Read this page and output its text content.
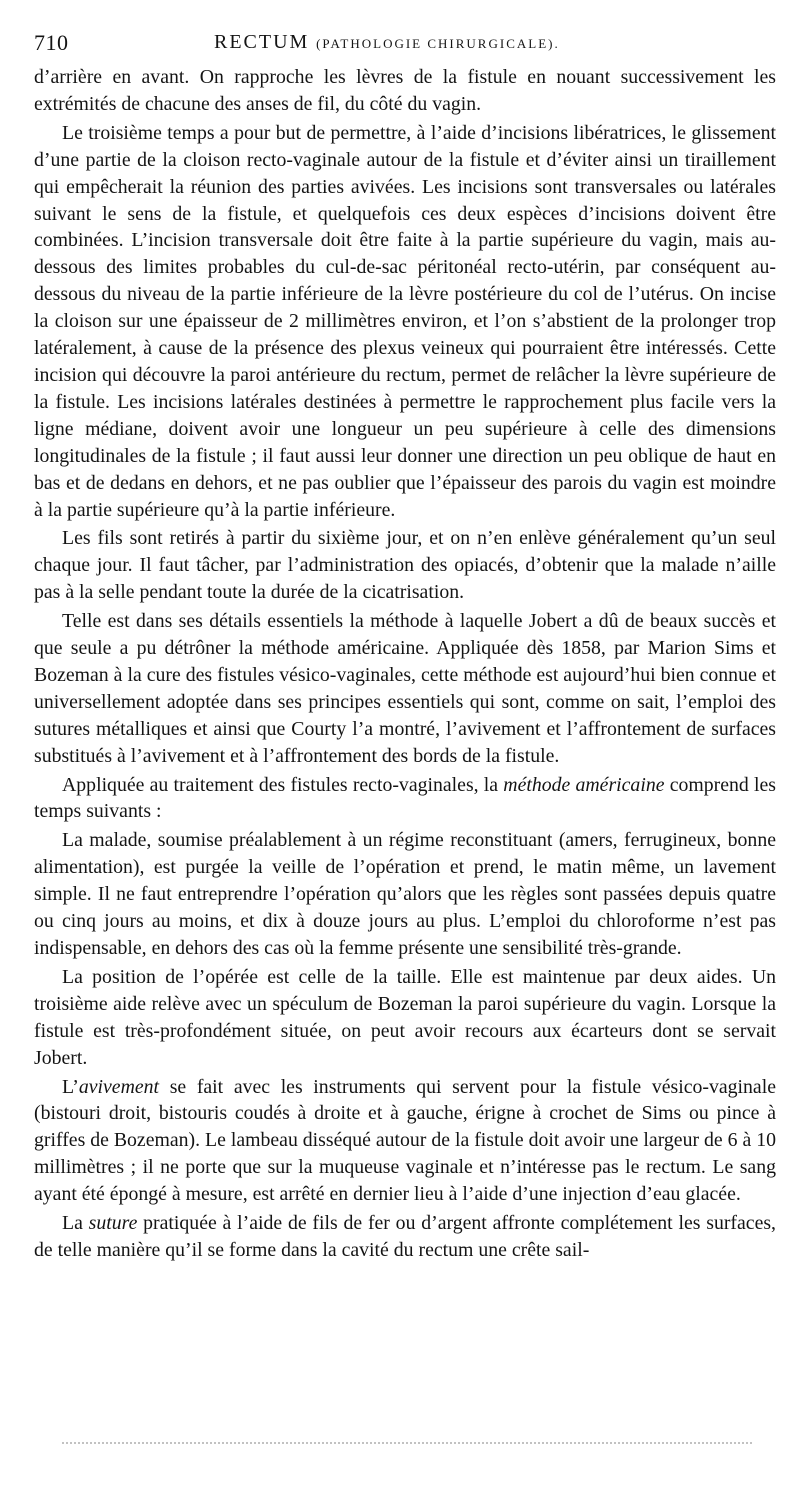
710	RECTUM (PATHOLOGIE CHIRURGICALE).

d’arrière en avant. On rapproche les lèvres de la fistule en nouant successivement les extrémités de chacune des anses de fil, du côté du vagin.

Le troisième temps a pour but de permettre, à l’aide d’incisions libératrices, le glissement d’une partie de la cloison recto-vaginale autour de la fistule et d’éviter ainsi un tiraillement qui empêcherait la réunion des parties avivées. Les incisions sont transversales ou latérales suivant le sens de la fistule, et quelquefois ces deux espèces d’incisions doivent être combinées. L’incision transversale doit être faite à la partie supérieure du vagin, mais au-dessous des limites probables du cul-de-sac péritonéal recto-utérin, par conséquent au-dessous du niveau de la partie inférieure de la lèvre postérieure du col de l’utérus. On incise la cloison sur une épaisseur de 2 millimètres environ, et l’on s’abstient de la prolonger trop latéralement, à cause de la présence des plexus veineux qui pourraient être intéressés. Cette incision qui découvre la paroi antérieure du rectum, permet de relâcher la lèvre supérieure de la fistule. Les incisions latérales destinées à permettre le rapprochement plus facile vers la ligne médiane, doivent avoir une longueur un peu supérieure à celle des dimensions longitudinales de la fistule ; il faut aussi leur donner une direction un peu oblique de haut en bas et de dedans en dehors, et ne pas oublier que l’épaisseur des parois du vagin est moindre à la partie supérieure qu’à la partie inférieure.

Les fils sont retirés à partir du sixième jour, et on n’en enlève généralement qu’un seul chaque jour. Il faut tâcher, par l’administration des opiacés, d’obtenir que la malade n’aille pas à la selle pendant toute la durée de la cicatrisation.

Telle est dans ses détails essentiels la méthode à laquelle Jobert a dû de beaux succès et que seule a pu détrôner la méthode américaine. Appliquée dès 1858, par Marion Sims et Bozeman à la cure des fistules vésico-vaginales, cette méthode est aujourd’hui bien connue et universellement adoptée dans ses principes essentiels qui sont, comme on sait, l’emploi des sutures métalliques et ainsi que Courty l’a montré, l’avivement et l’affrontement de surfaces substitués à l’avivement et à l’affrontement des bords de la fistule.

Appliquée au traitement des fistules recto-vaginales, la méthode américaine comprend les temps suivants :

La malade, soumise préalablement à un régime reconstituant (amers, ferrugineux, bonne alimentation), est purgée la veille de l’opération et prend, le matin même, un lavement simple. Il ne faut entreprendre l’opération qu’alors que les règles sont passées depuis quatre ou cinq jours au moins, et dix à douze jours au plus. L’emploi du chloroforme n’est pas indispensable, en dehors des cas où la femme présente une sensibilité très-grande.

La position de l’opérée est celle de la taille. Elle est maintenue par deux aides. Un troisième aide relève avec un spéculum de Bozeman la paroi supérieure du vagin. Lorsque la fistule est très-profondément située, on peut avoir recours aux écarteurs dont se servait Jobert.

L’avivement se fait avec les instruments qui servent pour la fistule vésico-vaginale (bistouri droit, bistouris coudés à droite et à gauche, érigne à crochet de Sims ou pince à griffes de Bozeman). Le lambeau disséqué autour de la fistule doit avoir une largeur de 6 à 10 millimètres ; il ne porte que sur la muqueuse vaginale et n’intéresse pas le rectum. Le sang ayant été épongé à mesure, est arrêté en dernier lieu à l’aide d’une injection d’eau glacée.

La suture pratiquée à l’aide de fils de fer ou d’argent affronte complétement les surfaces, de telle manière qu’il se forme dans la cavité du rectum une crête sail-
